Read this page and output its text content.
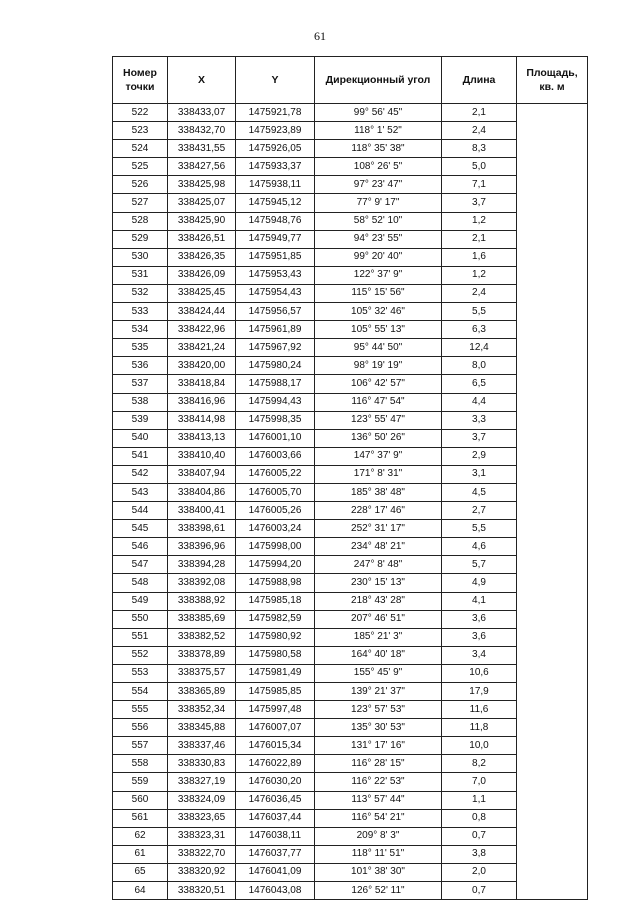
61
Номер
точки	X	Y	Дирекционный угол	Длина	Площадь,
кв. м
522	338433,07	1475921,78	99° 56' 45"	2,1	
523	338432,70	1475923,89	118° 1' 52"	2,4	
524	338431,55	1475926,05	118° 35' 38"	8,3	
525	338427,56	1475933,37	108° 26' 5"	5,0	
526	338425,98	1475938,11	97° 23' 47"	7,1	
527	338425,07	1475945,12	77° 9' 17"	3,7	
528	338425,90	1475948,76	58° 52' 10"	1,2	
529	338426,51	1475949,77	94° 23' 55"	2,1	
530	338426,35	1475951,85	99° 20' 40"	1,6	
531	338426,09	1475953,43	122° 37' 9"	1,2	
532	338425,45	1475954,43	115° 15' 56"	2,4	
533	338424,44	1475956,57	105° 32' 46"	5,5	
534	338422,96	1475961,89	105° 55' 13"	6,3	
535	338421,24	1475967,92	95° 44' 50"	12,4	
536	338420,00	1475980,24	98° 19' 19"	8,0	
537	338418,84	1475988,17	106° 42' 57"	6,5	
538	338416,96	1475994,43	116° 47' 54"	4,4	
539	338414,98	1475998,35	123° 55' 47"	3,3	
540	338413,13	1476001,10	136° 50' 26"	3,7	
541	338410,40	1476003,66	147° 37' 9"	2,9	
542	338407,94	1476005,22	171° 8' 31"	3,1	
543	338404,86	1476005,70	185° 38' 48"	4,5	
544	338400,41	1476005,26	228° 17' 46"	2,7	
545	338398,61	1476003,24	252° 31' 17"	5,5	
546	338396,96	1475998,00	234° 48' 21"	4,6	
547	338394,28	1475994,20	247° 8' 48"	5,7	
548	338392,08	1475988,98	230° 15' 13"	4,9	
549	338388,92	1475985,18	218° 43' 28"	4,1	
550	338385,69	1475982,59	207° 46' 51"	3,6	
551	338382,52	1475980,92	185° 21' 3"	3,6	
552	338378,89	1475980,58	164° 40' 18"	3,4	
553	338375,57	1475981,49	155° 45' 9"	10,6	
554	338365,89	1475985,85	139° 21' 37"	17,9	
555	338352,34	1475997,48	123° 57' 53"	11,6	
556	338345,88	1476007,07	135° 30' 53"	11,8	
557	338337,46	1476015,34	131° 17' 16"	10,0	
558	338330,83	1476022,89	116° 28' 15"	8,2	
559	338327,19	1476030,20	116° 22' 53"	7,0	
560	338324,09	1476036,45	113° 57' 44"	1,1	
561	338323,65	1476037,44	116° 54' 21"	0,8	
62	338323,31	1476038,11	209° 8' 3"	0,7	
61	338322,70	1476037,77	118° 11' 51"	3,8	
65	338320,92	1476041,09	101° 38' 30"	2,0	
64	338320,51	1476043,08	126° 52' 11"	0,7	
